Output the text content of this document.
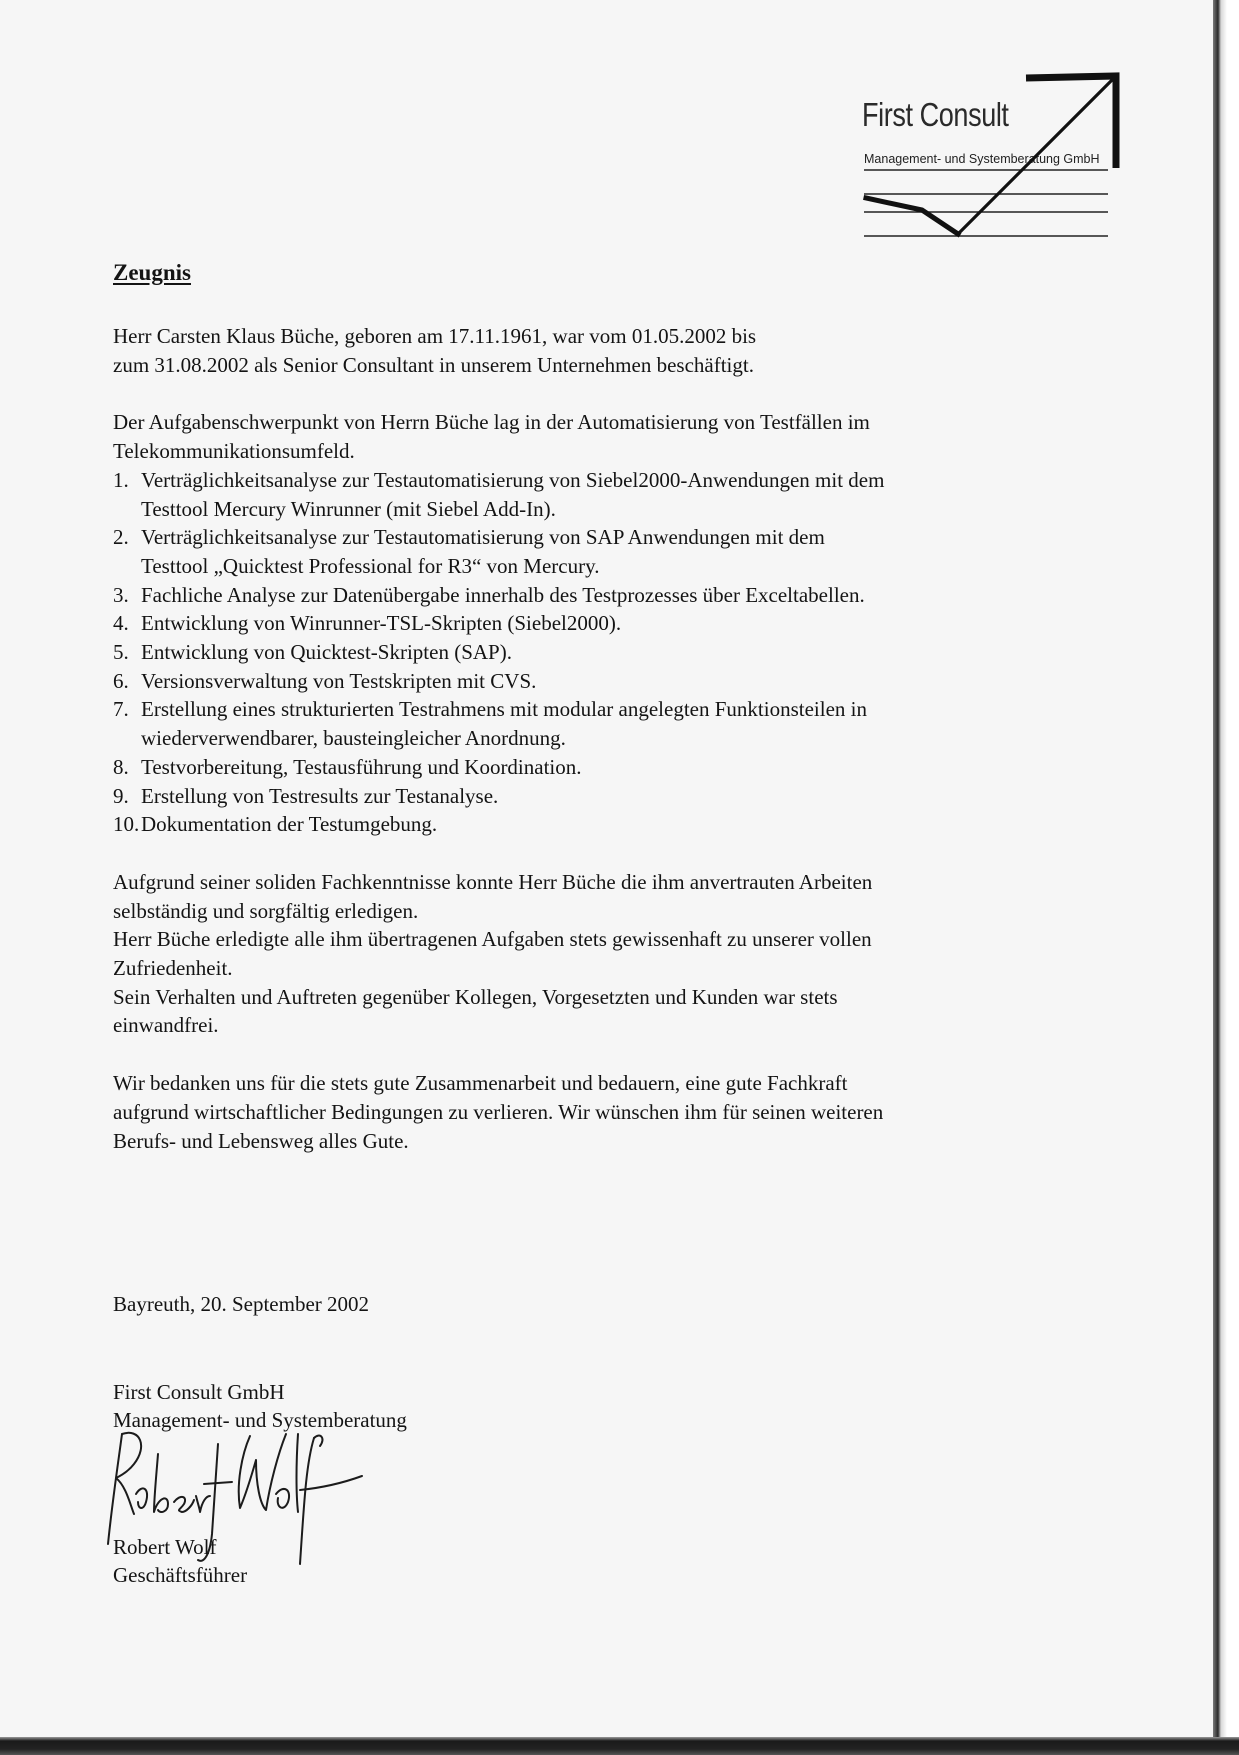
First Consult
Management- und Systemberatung GmbH
Zeugnis

Herr Carsten Klaus Büche, geboren am 17.11.1961, war vom 01.05.2002 bis

zum 31.08.2002 als Senior Consultant in unserem Unternehmen beschäftigt.

Der Aufgabenschwerpunkt von Herrn Büche lag in der Automatisierung von Testfällen im

Telekommunikationsumfeld.

1. Verträglichkeitsanalyse zur Testautomatisierung von Siebel2000-Anwendungen mit dem
Testtool Mercury Winrunner (mit Siebel Add-In).
2. Verträglichkeitsanalyse zur Testautomatisierung von SAP Anwendungen mit dem
Testtool „Quicktest Professional for R3“ von Mercury.
3. Fachliche Analyse zur Datenübergabe innerhalb des Testprozesses über Exceltabellen.
4. Entwicklung von Winrunner-TSL-Skripten (Siebel2000).
5. Entwicklung von Quicktest-Skripten (SAP).
6. Versionsverwaltung von Testskripten mit CVS.
7. Erstellung eines strukturierten Testrahmens mit modular angelegten Funktionsteilen in
wiederverwendbarer, bausteingleicher Anordnung.
8. Testvorbereitung, Testausführung und Koordination.
9. Erstellung von Testresults zur Testanalyse.
10. Dokumentation der Testumgebung.

Aufgrund seiner soliden Fachkenntnisse konnte Herr Büche die ihm anvertrauten Arbeiten

selbständig und sorgfältig erledigen.

Herr Büche erledigte alle ihm übertragenen Aufgaben stets gewissenhaft zu unserer vollen

Zufriedenheit.

Sein Verhalten und Auftreten gegenüber Kollegen, Vorgesetzten und Kunden war stets

einwandfrei.

Wir bedanken uns für die stets gute Zusammenarbeit und bedauern, eine gute Fachkraft

aufgrund wirtschaftlicher Bedingungen zu verlieren. Wir wünschen ihm für seinen weiteren

Berufs- und Lebensweg alles Gute.

Bayreuth, 20. September 2002
First Consult GmbH
Management- und Systemberatung
Robert Wolf
Geschäftsführer
